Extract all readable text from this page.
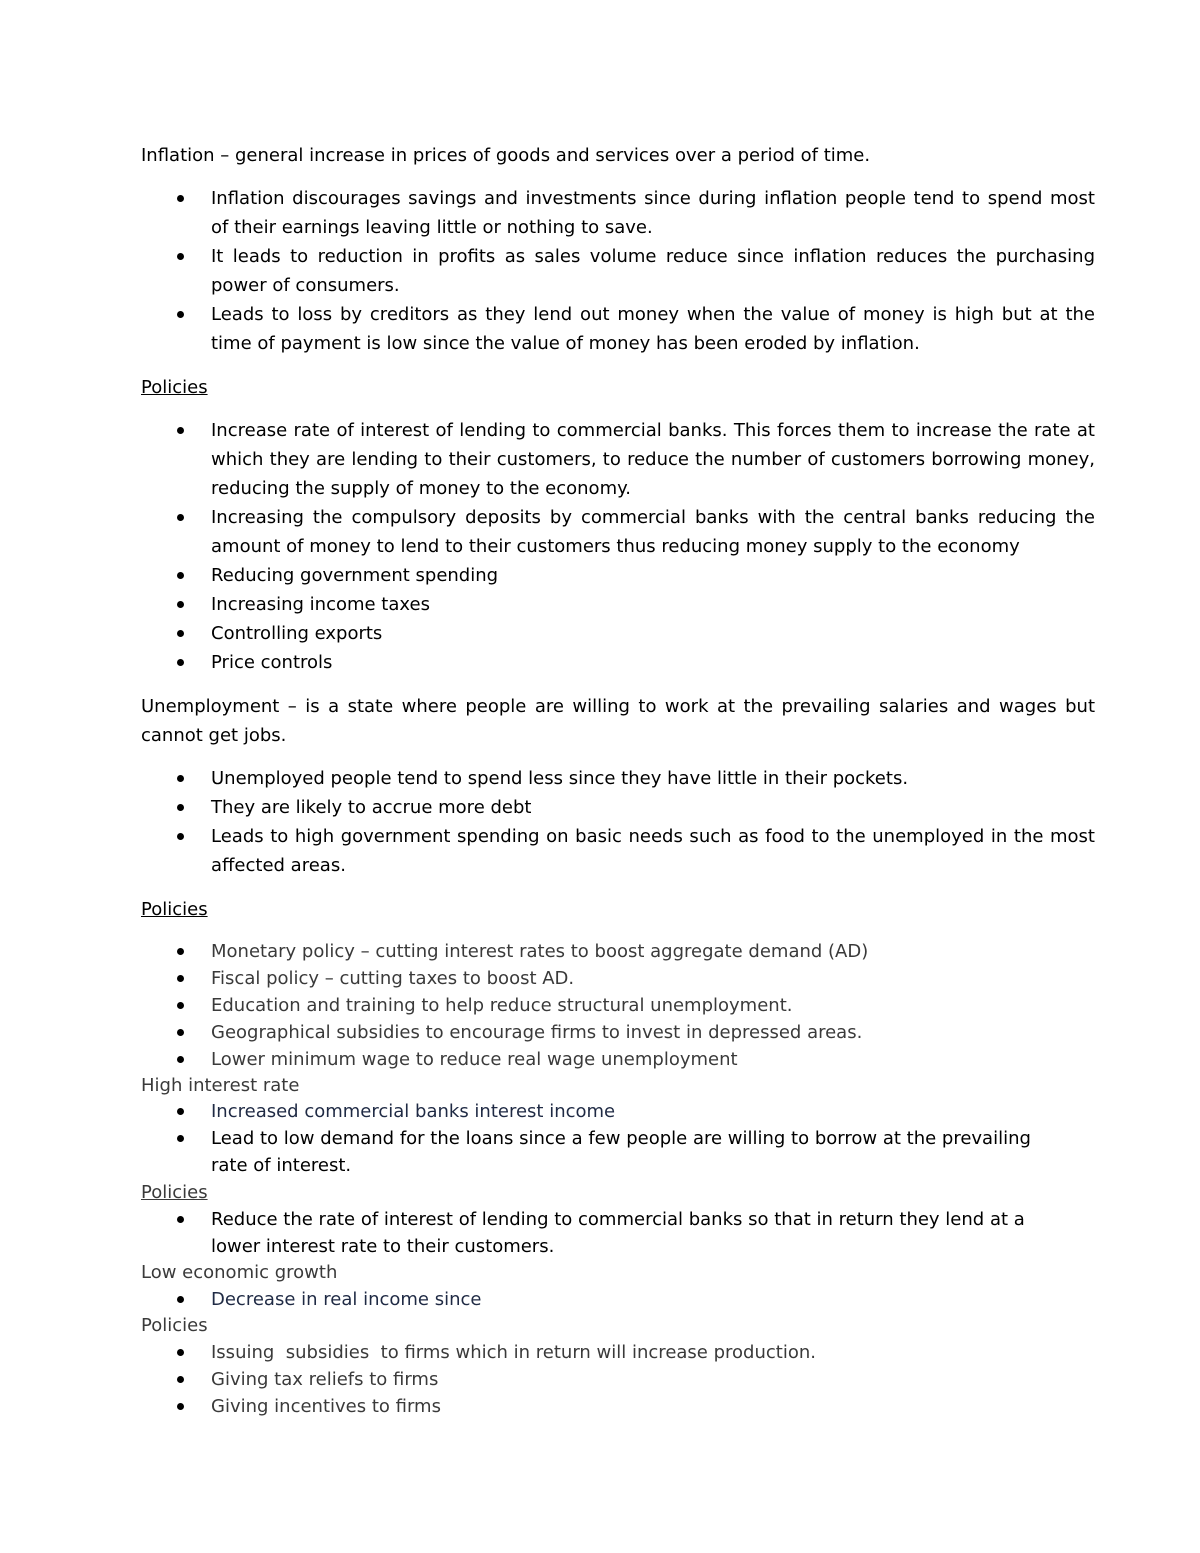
Inflation – general increase in prices of goods and services over a period of time.

Inflation discourages savings and investments since during inflation people tend to spend most of their earnings leaving little or nothing to save.
It leads to reduction in profits as sales volume reduce since inflation reduces the purchasing power of consumers.
Leads to loss by creditors as they lend out money when the value of money is high but at the time of payment is low since the value of money has been eroded by inflation.

Policies

Increase rate of interest of lending to commercial banks. This forces them to increase the rate at which they are lending to their customers, to reduce the number of customers borrowing money, reducing the supply of money to the economy.
Increasing the compulsory deposits by commercial banks with the central banks reducing the amount of money to lend to their customers thus reducing money supply to the economy
Reducing government spending
Increasing income taxes
Controlling exports
Price controls

Unemployment – is a state where people are willing to work at the prevailing salaries and wages but cannot get jobs.

Unemployed people tend to spend less since they have little in their pockets.
They are likely to accrue more debt
Leads to high government spending on basic needs such as food to the unemployed in the most affected areas.

Policies

Monetary policy – cutting interest rates to boost aggregate demand (AD)
Fiscal policy – cutting taxes to boost AD.
Education and training to help reduce structural unemployment.
Geographical subsidies to encourage firms to invest in depressed areas.
Lower minimum wage to reduce real wage unemployment

High interest rate

Increased commercial banks interest income
Lead to low demand for the loans since a few people are willing to borrow at the prevailing rate of interest.

Policies

Reduce the rate of interest of lending to commercial banks so that in return they lend at a lower interest rate to their customers.

Low economic growth

Decrease in real income since

Policies

Issuing  subsidies  to firms which in return will increase production.
Giving tax reliefs to firms
Giving incentives to firms
